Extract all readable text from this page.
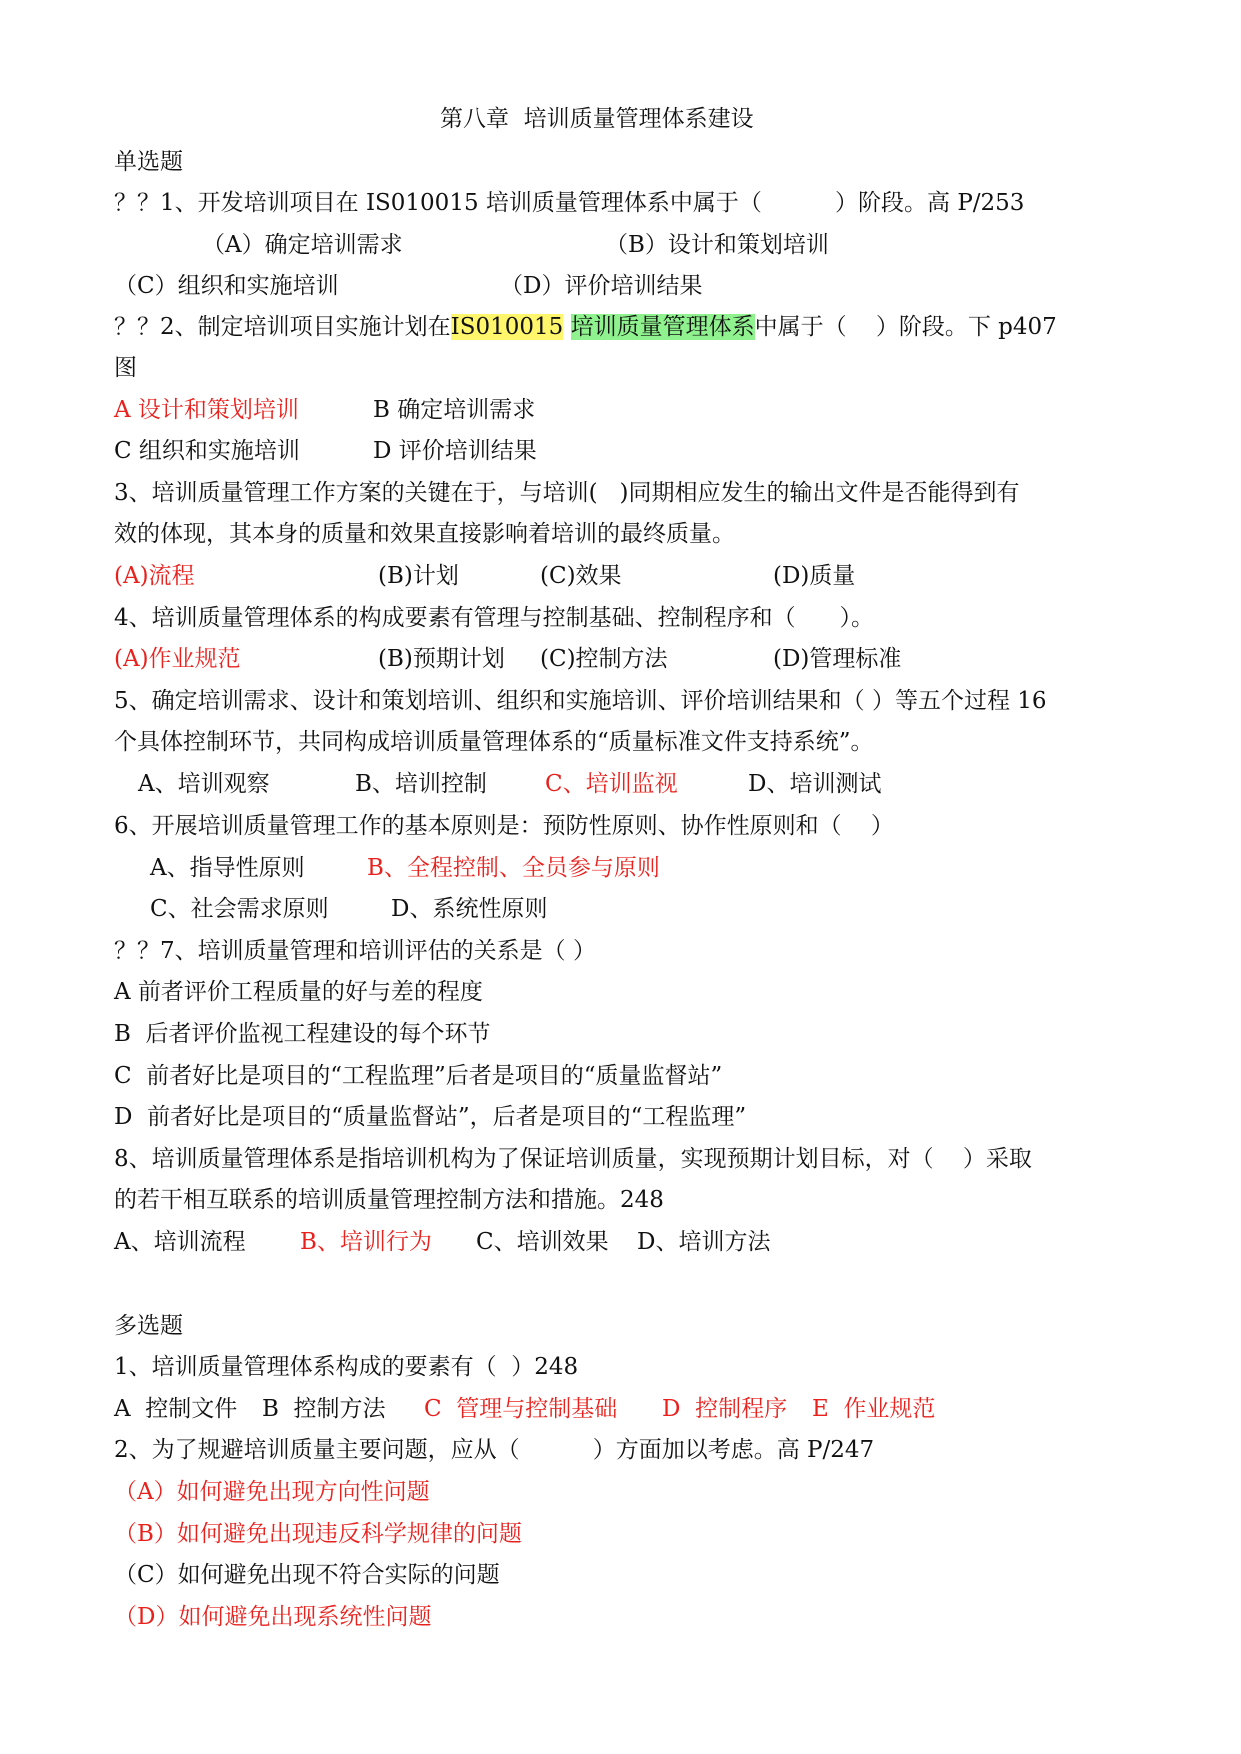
第八章  培训质量管理体系建设
单选题
？？1、开发培训项目在 IS010015 培训质量管理体系中属于（          ）阶段。高 P/253
（A）确定培训需求	（B）设计和策划培训
（C）组织和实施培训	（D）评价培训结果
？？2、制定培训项目实施计划在IS010015 培训质量管理体系中属于（    ）阶段。下 p407
图
A 设计和策划培训	B 确定培训需求
C 组织和实施培训	D 评价培训结果
3、培训质量管理工作方案的关键在于，与培训(   )同期相应发生的输出文件是否能得到有
效的体现，其本身的质量和效果直接影响着培训的最终质量。
(A)流程	(B)计划	(C)效果	(D)质量
4、培训质量管理体系的构成要素有管理与控制基础、控制程序和（      ）。
(A)作业规范	(B)预期计划 (C)控制方法	(D)管理标准
5、确定培训需求、设计和策划培训、组织和实施培训、评价培训结果和（ ）等五个过程 16
个具体控制环节，共同构成培训质量管理体系的“质量标准文件支持系统”。
A、培训观察	B、培训控制	C、培训监视	D、培训测试
6、开展培训质量管理工作的基本原则是：预防性原则、协作性原则和（    ）
A、指导性原则	B、全程控制、全员参与原则
C、社会需求原则	D、系统性原则
？？7、培训质量管理和培训评估的关系是（ ）
A 前者评价工程质量的好与差的程度
B  后者评价监视工程建设的每个环节
C  前者好比是项目的“工程监理”后者是项目的“质量监督站”
D  前者好比是项目的“质量监督站”，后者是项目的“工程监理”
8、培训质量管理体系是指培训机构为了保证培训质量，实现预期计划目标，对（    ）采取
的若干相互联系的培训质量管理控制方法和措施。248
A、培训流程 B、培训行为 C、培训效果 D、培训方法
多选题
1、培训质量管理体系构成的要素有（  ）248
A  控制文件 B  控制方法 C  管理与控制基础 D  控制程序 E  作业规范
2、为了规避培训质量主要问题，应从（          ）方面加以考虑。高 P/247
（A）如何避免出现方向性问题
（B）如何避免出现违反科学规律的问题
（C）如何避免出现不符合实际的问题
（D）如何避免出现系统性问题
